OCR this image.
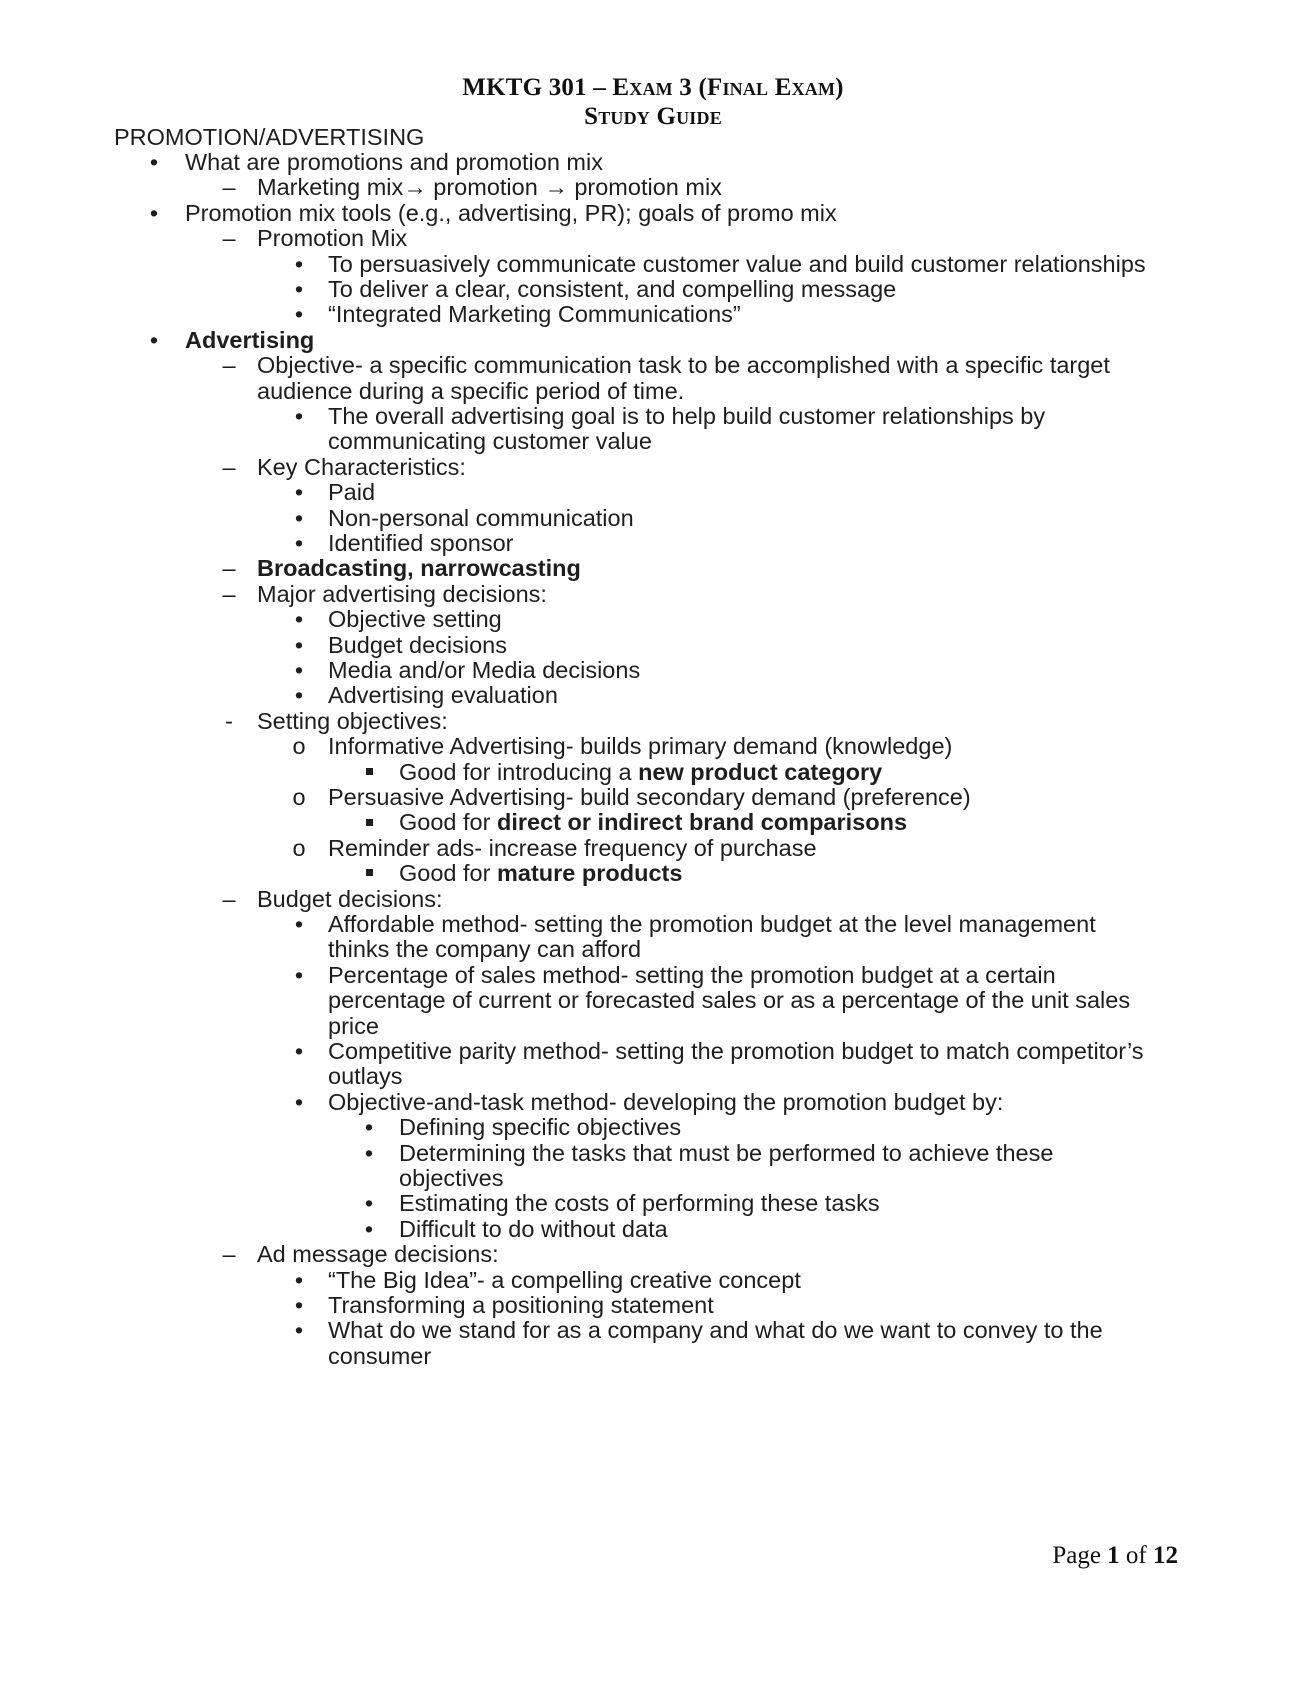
MKTG 301 – Exam 3 (Final Exam)
Study Guide
PROMOTION/ADVERTISING
• What are promotions and promotion mix
– Marketing mix→ promotion → promotion mix
• Promotion mix tools (e.g., advertising, PR); goals of promo mix
– Promotion Mix
• To persuasively communicate customer value and build customer relationships
• To deliver a clear, consistent, and compelling message
• “Integrated Marketing Communications”
• Advertising
– Objective- a specific communication task to be accomplished with a specific target
audience during a specific period of time.
• The overall advertising goal is to help build customer relationships by
communicating customer value
– Key Characteristics:
• Paid
• Non-personal communication
• Identified sponsor
– Broadcasting, narrowcasting
– Major advertising decisions:
• Objective setting
• Budget decisions
• Media and/or Media decisions
• Advertising evaluation
-	Setting objectives:
o Informative Advertising- builds primary demand (knowledge)
Good for introducing a new product category
o Persuasive Advertising- build secondary demand (preference)
Good for direct or indirect brand comparisons
o Reminder ads- increase frequency of purchase
Good for mature products
– Budget decisions:
• Affordable method- setting the promotion budget at the level management
thinks the company can afford
• Percentage of sales method- setting the promotion budget at a certain
percentage of current or forecasted sales or as a percentage of the unit sales
price
• Competitive parity method- setting the promotion budget to match competitor’s
outlays
• Objective-and-task method- developing the promotion budget by:
• Defining specific objectives
• Determining the tasks that must be performed to achieve these
objectives
• Estimating the costs of performing these tasks
• Difficult to do without data
– Ad message decisions:
• “The Big Idea”- a compelling creative concept
• Transforming a positioning statement
• What do we stand for as a company and what do we want to convey to the
consumer
Page 1 of 12
